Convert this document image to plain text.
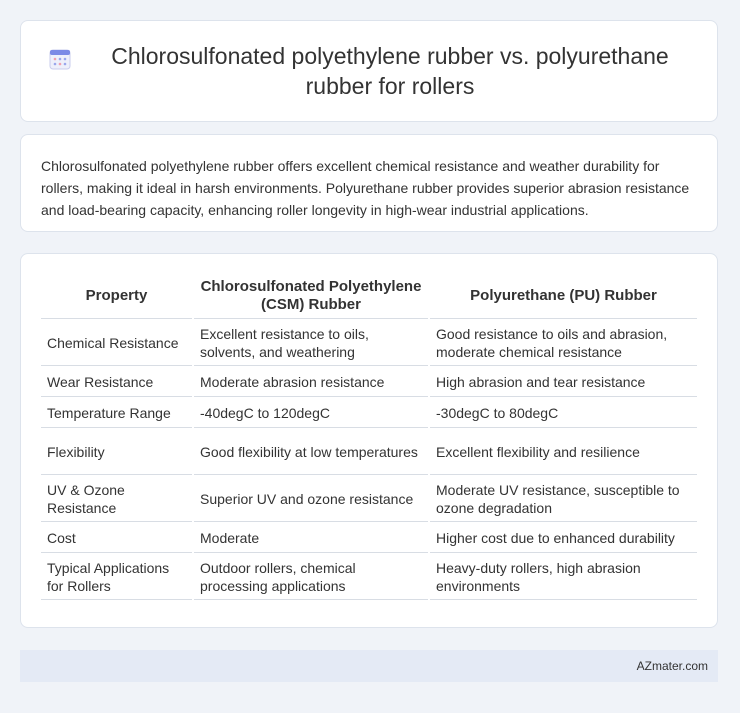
Chlorosulfonated polyethylene rubber vs. polyurethane rubber for rollers

Chlorosulfonated polyethylene rubber offers excellent chemical resistance and weather durability for rollers, making it ideal in harsh environments. Polyurethane rubber provides superior abrasion resistance and load-bearing capacity, enhancing roller longevity in high-wear industrial applications.

Property	Chlorosulfonated Polyethylene (CSM) Rubber	Polyurethane (PU) Rubber
Chemical Resistance	Excellent resistance to oils, solvents, and weathering	Good resistance to oils and abrasion, moderate chemical resistance
Wear Resistance	Moderate abrasion resistance	High abrasion and tear resistance
Temperature Range	-40degC to 120degC	-30degC to 80degC
Flexibility	Good flexibility at low temperatures	Excellent flexibility and resilience
UV & Ozone Resistance	Superior UV and ozone resistance	Moderate UV resistance, susceptible to ozone degradation
Cost	Moderate	Higher cost due to enhanced durability
Typical Applications for Rollers	Outdoor rollers, chemical processing applications	Heavy-duty rollers, high abrasion environments
AZmater.com
